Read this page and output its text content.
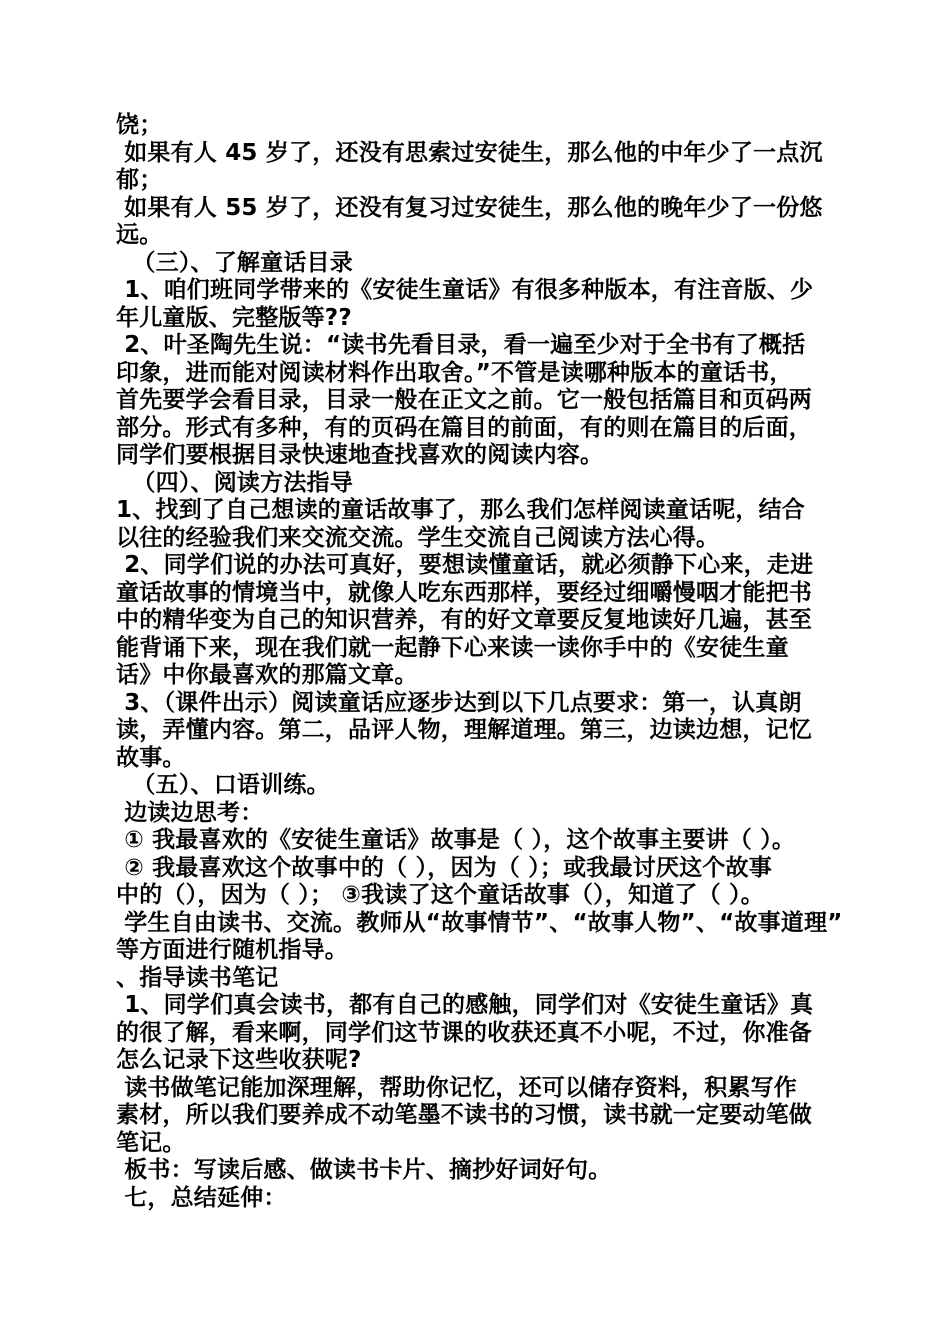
饶；
如果有人 45 岁了，还没有思索过安徒生，那么他的中年少了一点沉
郁；
如果有人 55 岁了，还没有复习过安徒生，那么他的晚年少了一份悠
远。
（三）、了解童话目录
1、咱们班同学带来的《安徒生童话》有很多种版本，有注音版、少
年儿童版、完整版等??
2、叶圣陶先生说：“读书先看目录，看一遍至少对于全书有了概括
印象，进而能对阅读材料作出取舍。”不管是读哪种版本的童话书，
首先要学会看目录，目录一般在正文之前。它一般包括篇目和页码两
部分。形式有多种，有的页码在篇目的前面，有的则在篇目的后面，
同学们要根据目录快速地查找喜欢的阅读内容。
（四）、阅读方法指导
1、找到了自己想读的童话故事了，那么我们怎样阅读童话呢，结合
以往的经验我们来交流交流。学生交流自己阅读方法心得。
2、同学们说的办法可真好，要想读懂童话，就必须静下心来，走进
童话故事的情境当中，就像人吃东西那样，要经过细嚼慢咽才能把书
中的精华变为自己的知识营养，有的好文章要反复地读好几遍，甚至
能背诵下来，现在我们就一起静下心来读一读你手中的《安徒生童
话》中你最喜欢的那篇文章。
3、（课件出示）阅读童话应逐步达到以下几点要求：第一，认真朗
读，弄懂内容。第二，品评人物，理解道理。第三，边读边想，记忆
故事。
（五）、口语训练。
边读边思考：
① 我最喜欢的《安徒生童话》故事是（ ），这个故事主要讲（ ）。
② 我最喜欢这个故事中的（ ），因为（ ）；或我最讨厌这个故事
中的（），因为（ ）； ③我读了这个童话故事（），知道了（ ）。
学生自由读书、交流。教师从“故事情节”、“故事人物”、“故事道理”
等方面进行随机指导。
、指导读书笔记
1、同学们真会读书，都有自己的感触，同学们对《安徒生童话》真
的很了解，看来啊，同学们这节课的收获还真不小呢，不过，你准备
怎么记录下这些收获呢?
读书做笔记能加深理解，帮助你记忆，还可以储存资料，积累写作
素材，所以我们要养成不动笔墨不读书的习惯，读书就一定要动笔做
笔记。
板书：写读后感、做读书卡片、摘抄好词好句。
七，总结延伸：
